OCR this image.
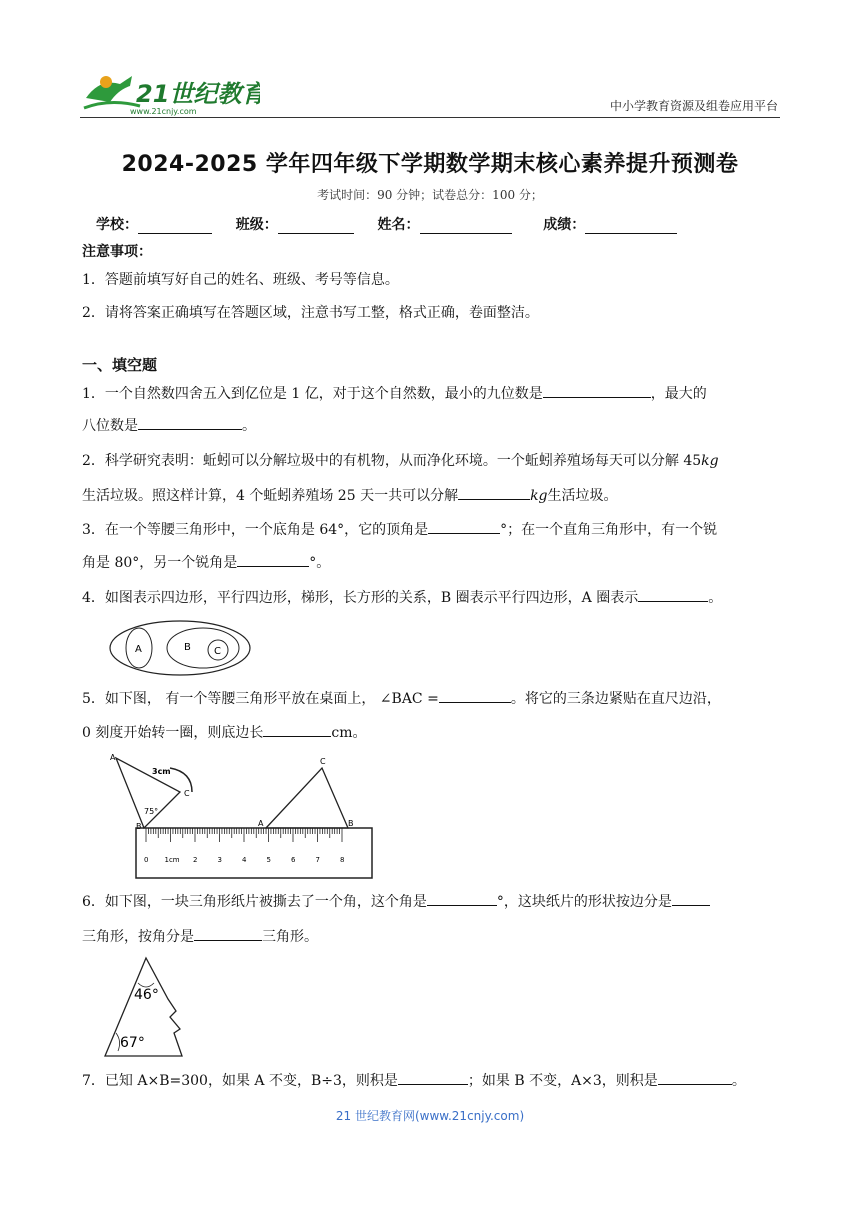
21世纪教育
www.21cnjy.com	中小学教育资源及组卷应用平台
2024-2025 学年四年级下学期数学期末核心素养提升预测卷
考试时间：90 分钟；试卷总分：100 分；
学校：	班级：	姓名：	成绩：
注意事项：
1．答题前填写好自己的姓名、班级、考号等信息。
2．请将答案正确填写在答题区域，注意书写工整，格式正确，卷面整洁。
一、填空题
1．一个自然数四舍五入到亿位是 1 亿，对于这个自然数，最小的九位数是	，最大的
八位数是	。
2．科学研究表明：蚯蚓可以分解垃圾中的有机物，从而净化环境。一个蚯蚓养殖场每天可以分解 45kg
生活垃圾。照这样计算，4 个蚯蚓养殖场 25 天一共可以分解	kg生活垃圾。
3．在一个等腰三角形中，一个底角是 64°，它的顶角是	°；在一个直角三角形中，有一个锐
角是 80°，另一个锐角是	°。
4．如图表示四边形，平行四边形，梯形，长方形的关系，B 圈表示平行四边形，A 圈表示	。
A	B C
5．如下图， 有一个等腰三角形平放在桌面上， ∠BAC =	。将它的三条边紧贴在直尺边沿，
0 刻度开始转一圈，则底边长	cm。
A
B
C
75°
3cm
A
C
B
0 1cm 2	3	4	5	6	7	8
6．如下图，一块三角形纸片被撕去了一个角，这个角是	°，这块纸片的形状按边分是
三角形，按角分是	三角形。
46°
67°
7．已知 A×B=300，如果 A 不变，B÷3，则积是	；如果 B 不变，A×3，则积是	。
21 世纪教育网(www.21cnjy.com)
